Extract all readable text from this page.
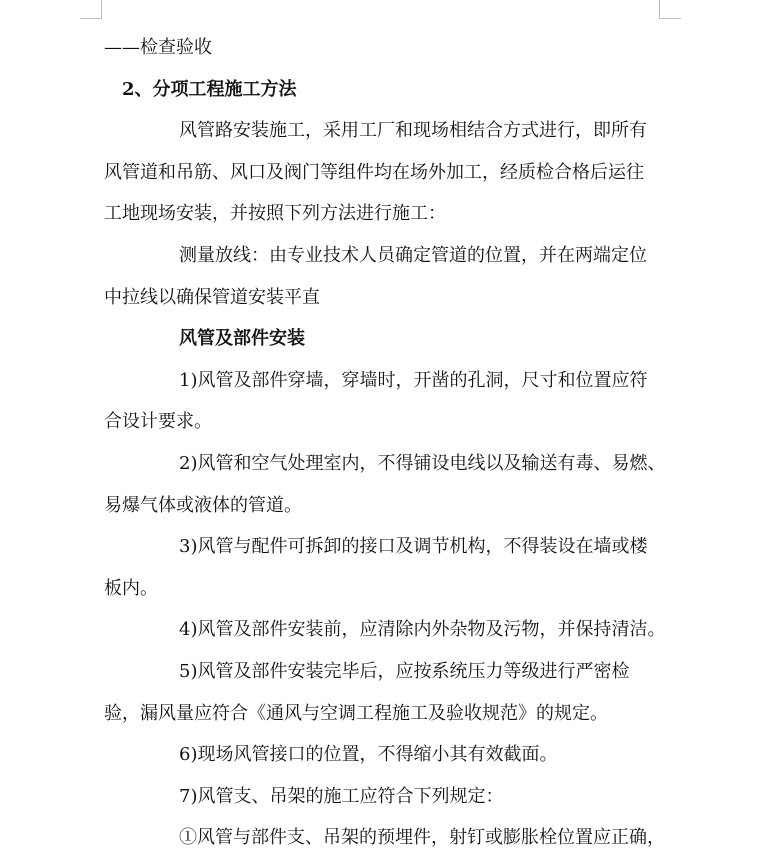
——检查验收
2、分项工程施工方法
风管路安装施工，采用工厂和现场相结合方式进行，即所有
风管道和吊筋、风口及阀门等组件均在场外加工，经质检合格后运往
工地现场安装，并按照下列方法进行施工：
测量放线：由专业技术人员确定管道的位置，并在两端定位
中拉线以确保管道安装平直
风管及部件安装
1)风管及部件穿墙，穿墙时，开凿的孔洞，尺寸和位置应符
合设计要求。
2)风管和空气处理室内，不得铺设电线以及输送有毒、易燃、
易爆气体或液体的管道。
3)风管与配件可拆卸的接口及调节机构，不得装设在墙或楼
板内。
4)风管及部件安装前，应清除内外杂物及污物，并保持清洁。
5)风管及部件安装完毕后，应按系统压力等级进行严密检
验，漏风量应符合《通风与空调工程施工及验收规范》的规定。
6)现场风管接口的位置，不得缩小其有效截面。
7)风管支、吊架的施工应符合下列规定：
①风管与部件支、吊架的预埋件，射钉或膨胀栓位置应正确，
